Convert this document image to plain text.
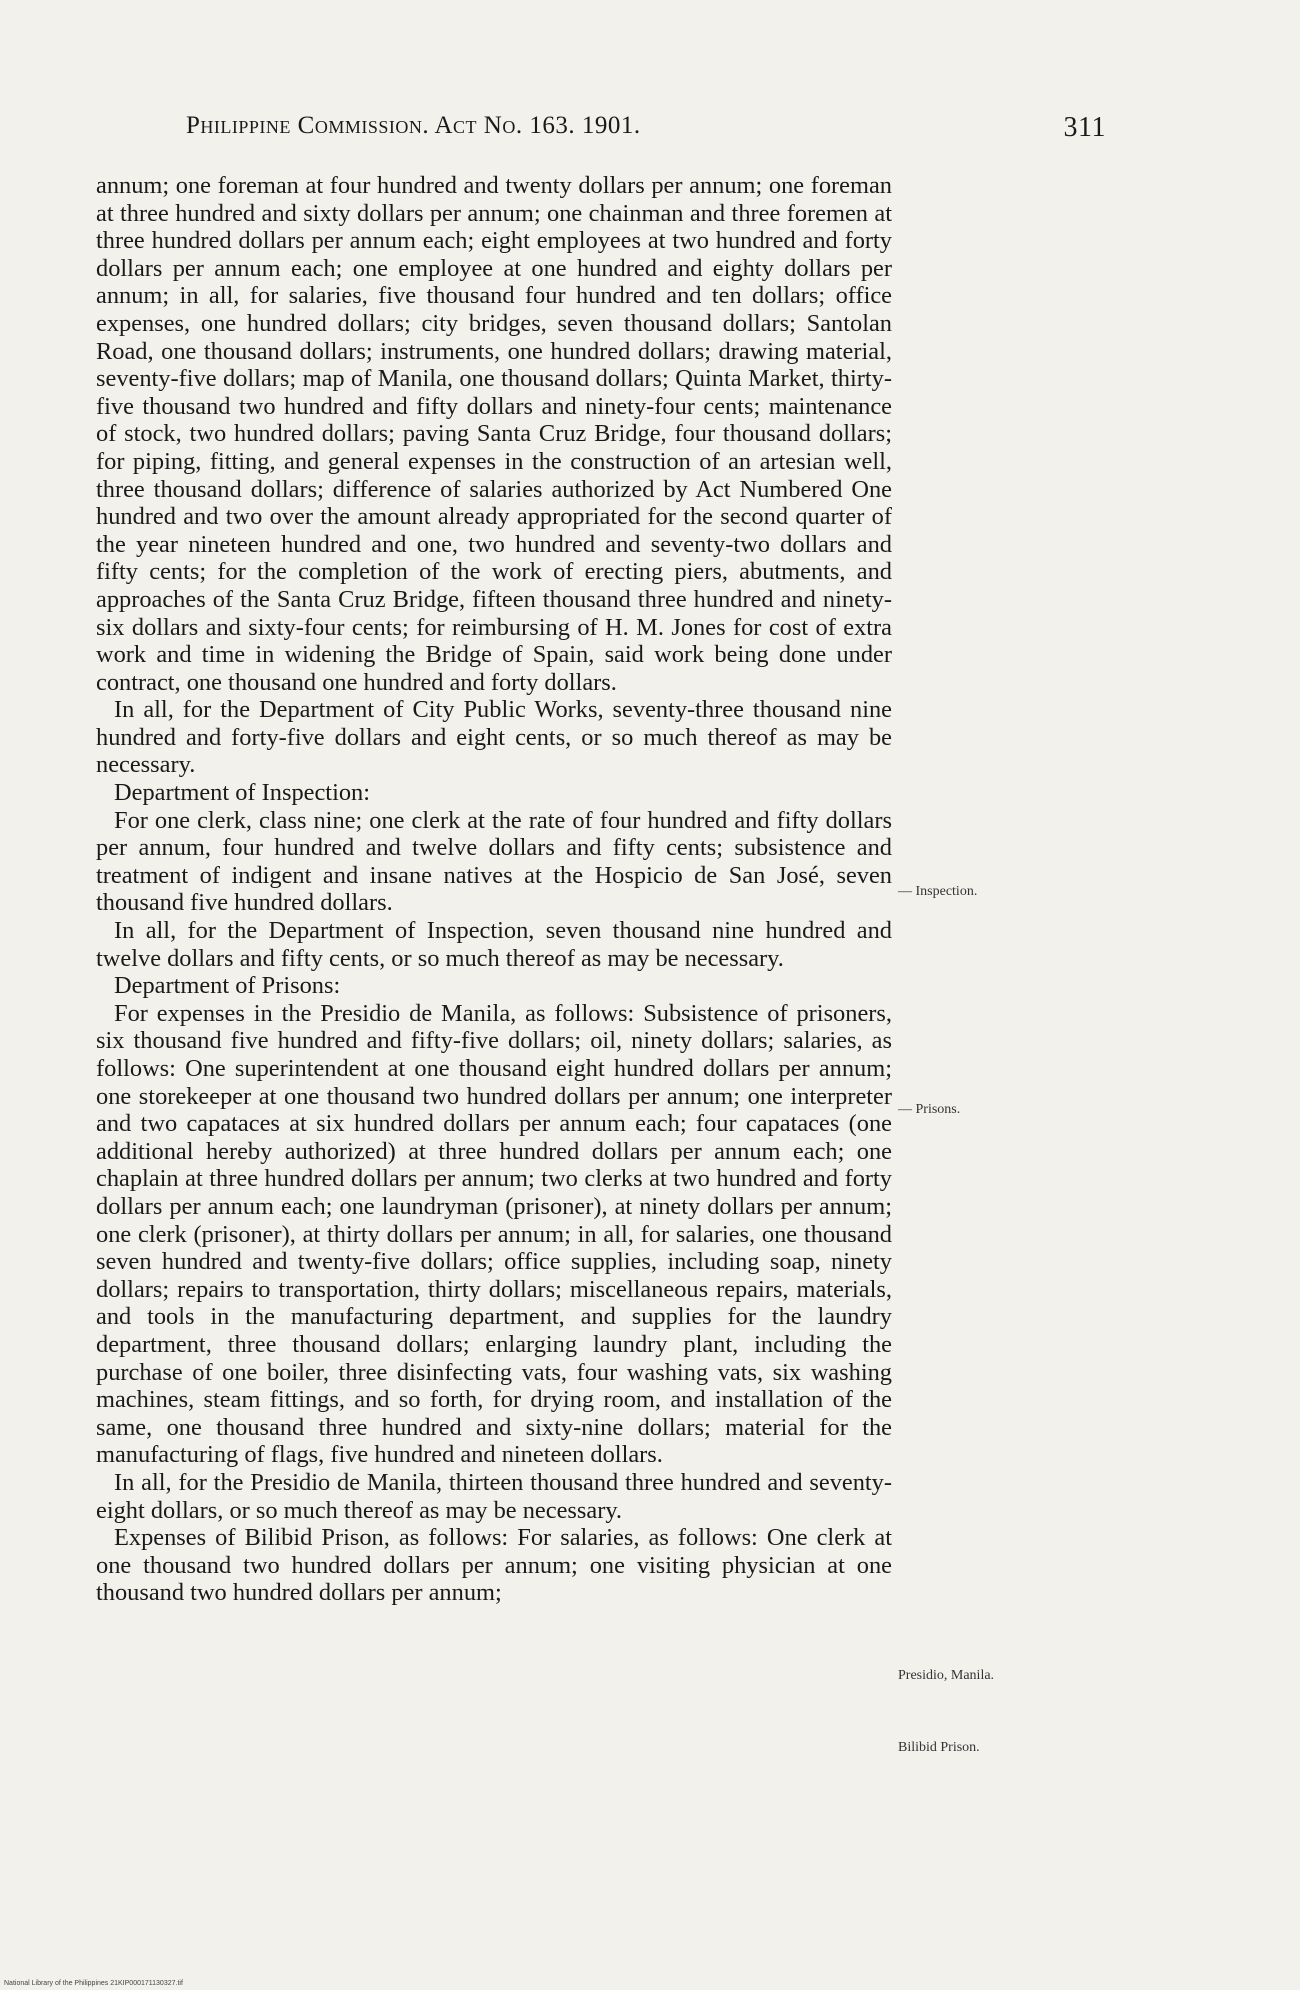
Philippine Commission. Act No. 163. 1901.	311

annum; one foreman at four hundred and twenty dollars per annum; one foreman at three hundred and sixty dollars per annum; one chainman and three foremen at three hundred dollars per annum each; eight employees at two hundred and forty dollars per annum each; one employee at one hundred and eighty dollars per annum; in all, for salaries, five thousand four hundred and ten dollars; office expenses, one hundred dollars; city bridges, seven thousand dollars; Santolan Road, one thousand dollars; instruments, one hundred dollars; drawing material, seventy-five dollars; map of Manila, one thousand dollars; Quinta Market, thirty-five thousand two hundred and fifty dollars and ninety-four cents; maintenance of stock, two hundred dollars; paving Santa Cruz Bridge, four thousand dollars; for piping, fitting, and general expenses in the construction of an artesian well, three thousand dollars; difference of salaries authorized by Act Numbered One hundred and two over the amount already appropriated for the second quarter of the year nineteen hundred and one, two hundred and seventy-two dollars and fifty cents; for the completion of the work of erecting piers, abutments, and approaches of the Santa Cruz Bridge, fifteen thousand three hundred and ninety-six dollars and sixty-four cents; for reimbursing of H. M. Jones for cost of extra work and time in widening the Bridge of Spain, said work being done under contract, one thousand one hundred and forty dollars.

In all, for the Department of City Public Works, seventy-three thousand nine hundred and forty-five dollars and eight cents, or so much thereof as may be necessary.

Department of Inspection:

For one clerk, class nine; one clerk at the rate of four hundred and fifty dollars per annum, four hundred and twelve dollars and fifty cents; subsistence and treatment of indigent and insane natives at the Hospicio de San José, seven thousand five hundred dollars.

In all, for the Department of Inspection, seven thousand nine hundred and twelve dollars and fifty cents, or so much thereof as may be necessary.

Department of Prisons:

For expenses in the Presidio de Manila, as follows: Subsistence of prisoners, six thousand five hundred and fifty-five dollars; oil, ninety dollars; salaries, as follows: One superintendent at one thousand eight hundred dollars per annum; one storekeeper at one thousand two hundred dollars per annum; one interpreter and two capataces at six hundred dollars per annum each; four capataces (one additional hereby authorized) at three hundred dollars per annum each; one chaplain at three hundred dollars per annum; two clerks at two hundred and forty dollars per annum each; one laundryman (prisoner), at ninety dollars per annum; one clerk (prisoner), at thirty dollars per annum; in all, for salaries, one thousand seven hundred and twenty-five dollars; office supplies, including soap, ninety dollars; repairs to transportation, thirty dollars; miscellaneous repairs, materials, and tools in the manufacturing department, and supplies for the laundry department, three thousand dollars; enlarging laundry plant, including the purchase of one boiler, three disinfecting vats, four washing vats, six washing machines, steam fittings, and so forth, for drying room, and installation of the same, one thousand three hundred and sixty-nine dollars; material for the manufacturing of flags, five hundred and nineteen dollars.

In all, for the Presidio de Manila, thirteen thousand three hundred and seventy-eight dollars, or so much thereof as may be necessary.

Expenses of Bilibid Prison, as follows: For salaries, as follows: One clerk at one thousand two hundred dollars per annum; one visiting physician at one thousand two hundred dollars per annum;

— Inspection.
— Prisons.
Presidio, Manila.
Bilibid Prison.
National Library of the Philippines 21KIP000171130327.tif
